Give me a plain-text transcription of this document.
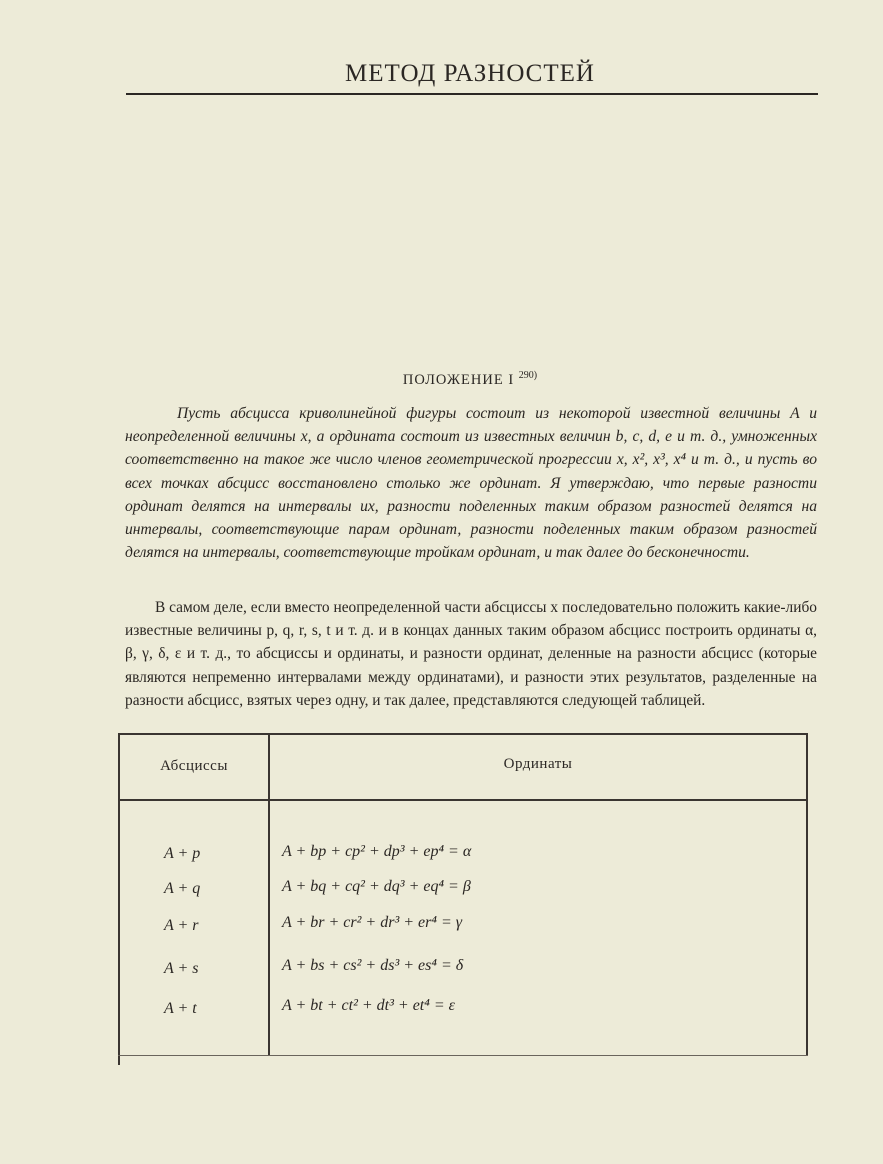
МЕТОД РАЗНОСТЕЙ
ПОЛОЖЕНИЕ I $^{290)}$

Пусть абсцисса криволинейной фигуры состоит из некоторой известной величины A и неопределенной величины x, а ордината состоит из известных величин b, c, d, e и т. д., умноженных соответственно на такое же число членов геометрической прогрессии x, x², x³, x⁴ и т. д., и пусть во всех точках абсцисс восстановлено столько же ординат. Я утверждаю, что первые разности ординат делятся на интервалы их, разности поделенных таким образом разностей делятся на интервалы, соответствующие парам ординат, разности поделенных таким образом разностей делятся на интервалы, соответствующие тройкам ординат, и так далее до бесконечности.

В самом деле, если вместо неопределенной части абсциссы x последовательно положить какие-либо известные величины p, q, r, s, t и т. д. и в концах данных таким образом абсцисс построить ординаты α, β, γ, δ, ε и т. д., то абсциссы и ординаты, и разности ординат, деленные на разности абсцисс (которые являются непременно интервалами между ординатами), и разности этих результатов, разделенные на разности абсцисс, взятых через одну, и так далее, представляются следующей таблицей.

Абсциссы	Ординаты
A + p	A + bp + cp² + dp³ + ep⁴ = α
A + q	A + bq + cq² + dq³ + eq⁴ = β
A + r	A + br + cr² + dr³ + er⁴ = γ
A + s	A + bs + cs² + ds³ + es⁴ = δ
A + t	A + bt + ct² + dt³ + et⁴ = ε
